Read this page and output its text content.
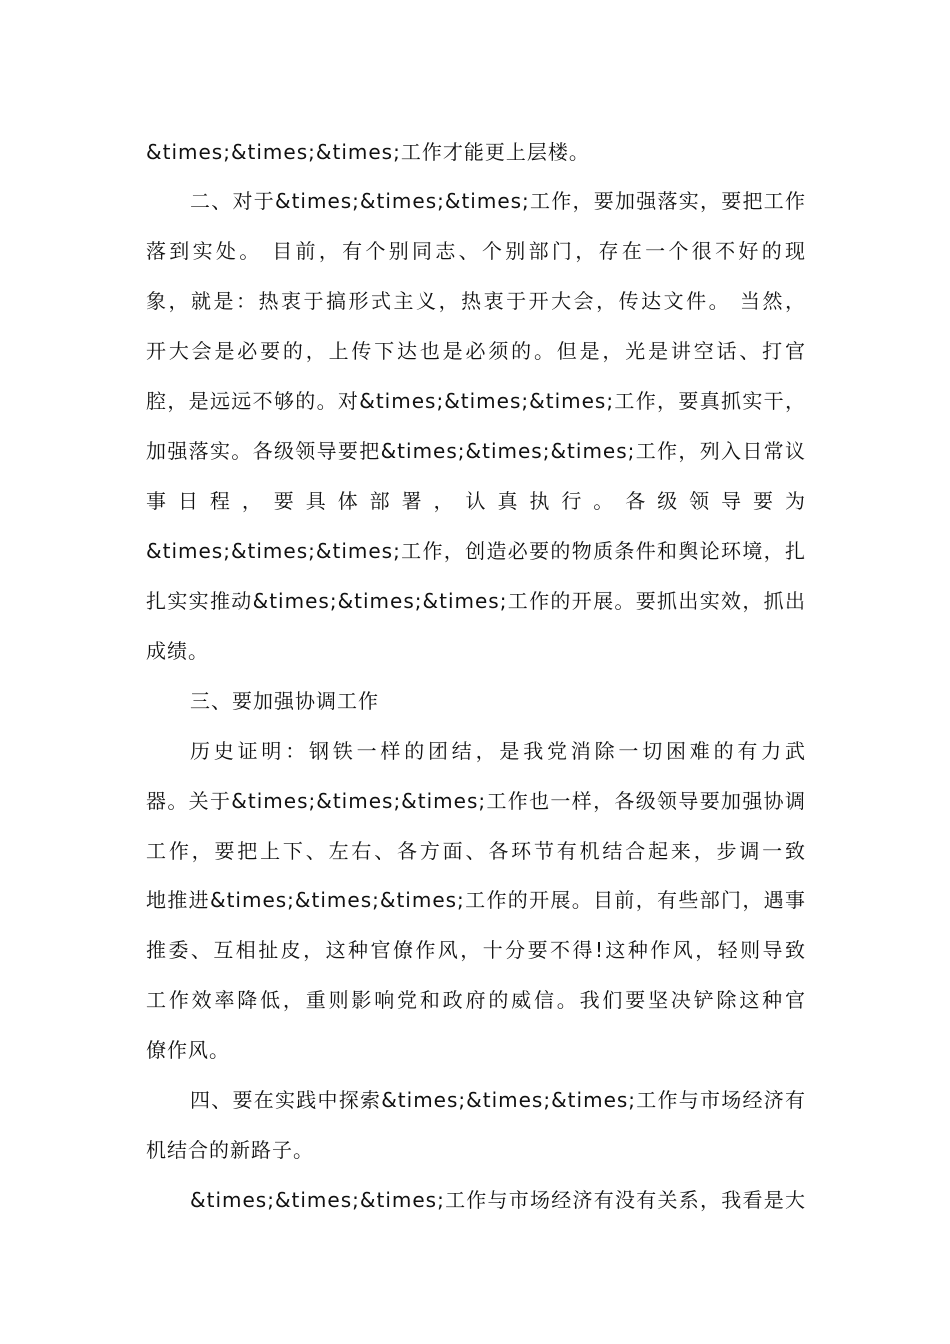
&times;&times;&times;工作才能更上层楼。
二、对于&times;&times;&times;工作，要加强落实，要把工作
落到实处。 目前，有个别同志、个别部门，存在一个很不好的现
象，就是：热衷于搞形式主义，热衷于开大会，传达文件。 当然，
开大会是必要的，上传下达也是必须的。但是，光是讲空话、打官
腔，是远远不够的。对&times;&times;&times;工作，要真抓实干，
加强落实。各级领导要把&times;&times;&times;工作，列入日常议
事 日 程 ， 要 具 体 部 署 ， 认 真 执 行 。 各 级 领 导 要 为
&times;&times;&times;工作，创造必要的物质条件和舆论环境，扎
扎实实推动&times;&times;&times;工作的开展。要抓出实效，抓出
成绩。
三、要加强协调工作
历史证明：钢铁一样的团结，是我党消除一切困难的有力武
器。关于&times;&times;&times;工作也一样，各级领导要加强协调
工作，要把上下、左右、各方面、各环节有机结合起来，步调一致
地推进&times;&times;&times;工作的开展。目前，有些部门，遇事
推委、互相扯皮，这种官僚作风，十分要不得!这种作风，轻则导致
工作效率降低，重则影响党和政府的威信。我们要坚决铲除这种官
僚作风。
四、要在实践中探索&times;&times;&times;工作与市场经济有
机结合的新路子。
&times;&times;&times;工作与市场经济有没有关系，我看是大
